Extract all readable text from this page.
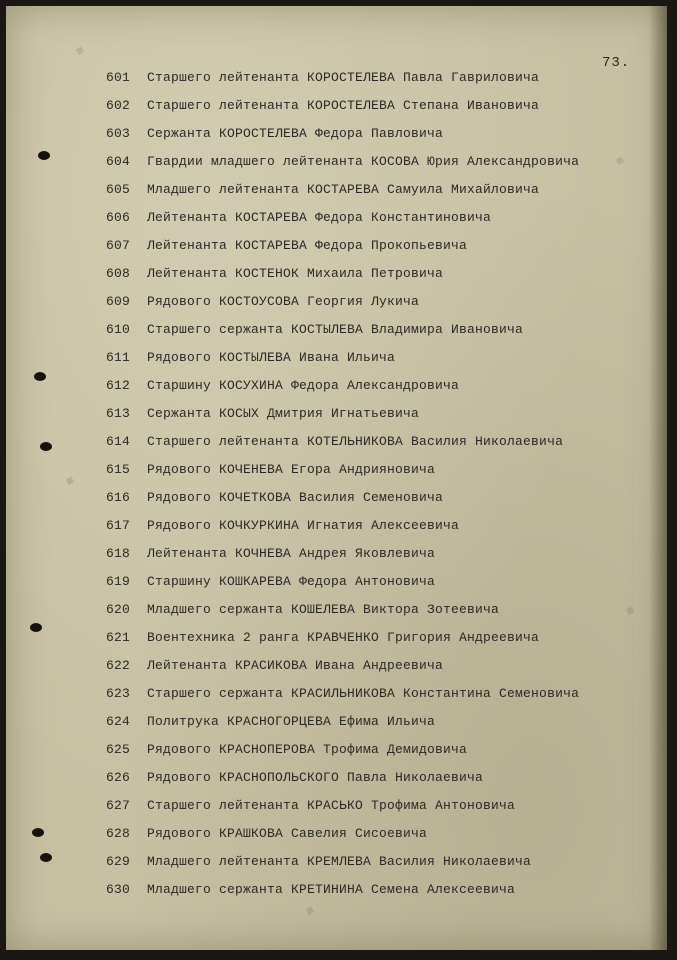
▦
▦
▦
▦
▦
73.
601 Старшего лейтенанта КОРОСТЕЛЕВА Павла Гавриловича
602 Старшего лейтенанта КОРОСТЕЛЕВА Степана Ивановича
603 Сержанта КОРОСТЕЛЕВА Федора Павловича
604 Гвардии младшего лейтенанта КОСОВА Юрия Александровича
605 Младшего лейтенанта КОСТАРЕВА Самуила Михайловича
606 Лейтенанта КОСТАРЕВА Федора Константиновича
607 Лейтенанта КОСТАРЕВА Федора Прокопьевича
608 Лейтенанта КОСТЕНОК Михаила Петровича
609 Рядового КОСТОУСОВА Георгия Лукича
610 Старшего сержанта КОСТЫЛЕВА Владимира Ивановича
611 Рядового КОСТЫЛЕВА Ивана Ильича
612 Старшину КОСУХИНА Федора Александровича
613 Сержанта КОСЫХ Дмитрия Игнатьевича
614 Старшего лейтенанта КОТЕЛЬНИКОВА Василия Николаевича
615 Рядового КОЧЕНЕВА Егора Андрияновича
616 Рядового КОЧЕТКОВА Василия Семеновича
617 Рядового КОЧКУРКИНА Игнатия Алексеевича
618 Лейтенанта КОЧНЕВА Андрея Яковлевича
619 Старшину КОШКАРЕВА Федора Антоновича
620 Младшего сержанта КОШЕЛЕВА Виктора Зотеевича
621 Воентехника 2 ранга КРАВЧЕНКО Григория Андреевича
622 Лейтенанта КРАСИКОВА Ивана Андреевича
623 Старшего сержанта КРАСИЛЬНИКОВА Константина Семеновича
624 Политрука КРАСНОГОРЦЕВА Ефима Ильича
625 Рядового КРАСНОПЕРОВА Трофима Демидовича
626 Рядового КРАСНОПОЛЬСКОГО Павла Николаевича
627 Старшего лейтенанта КРАСЬКО Трофима Антоновича
628 Рядового КРАШКОВА Савелия Сисоевича
629 Младшего лейтенанта КРЕМЛЕВА Василия Николаевича
630 Младшего сержанта КРЕТИНИНА Семена Алексеевича
